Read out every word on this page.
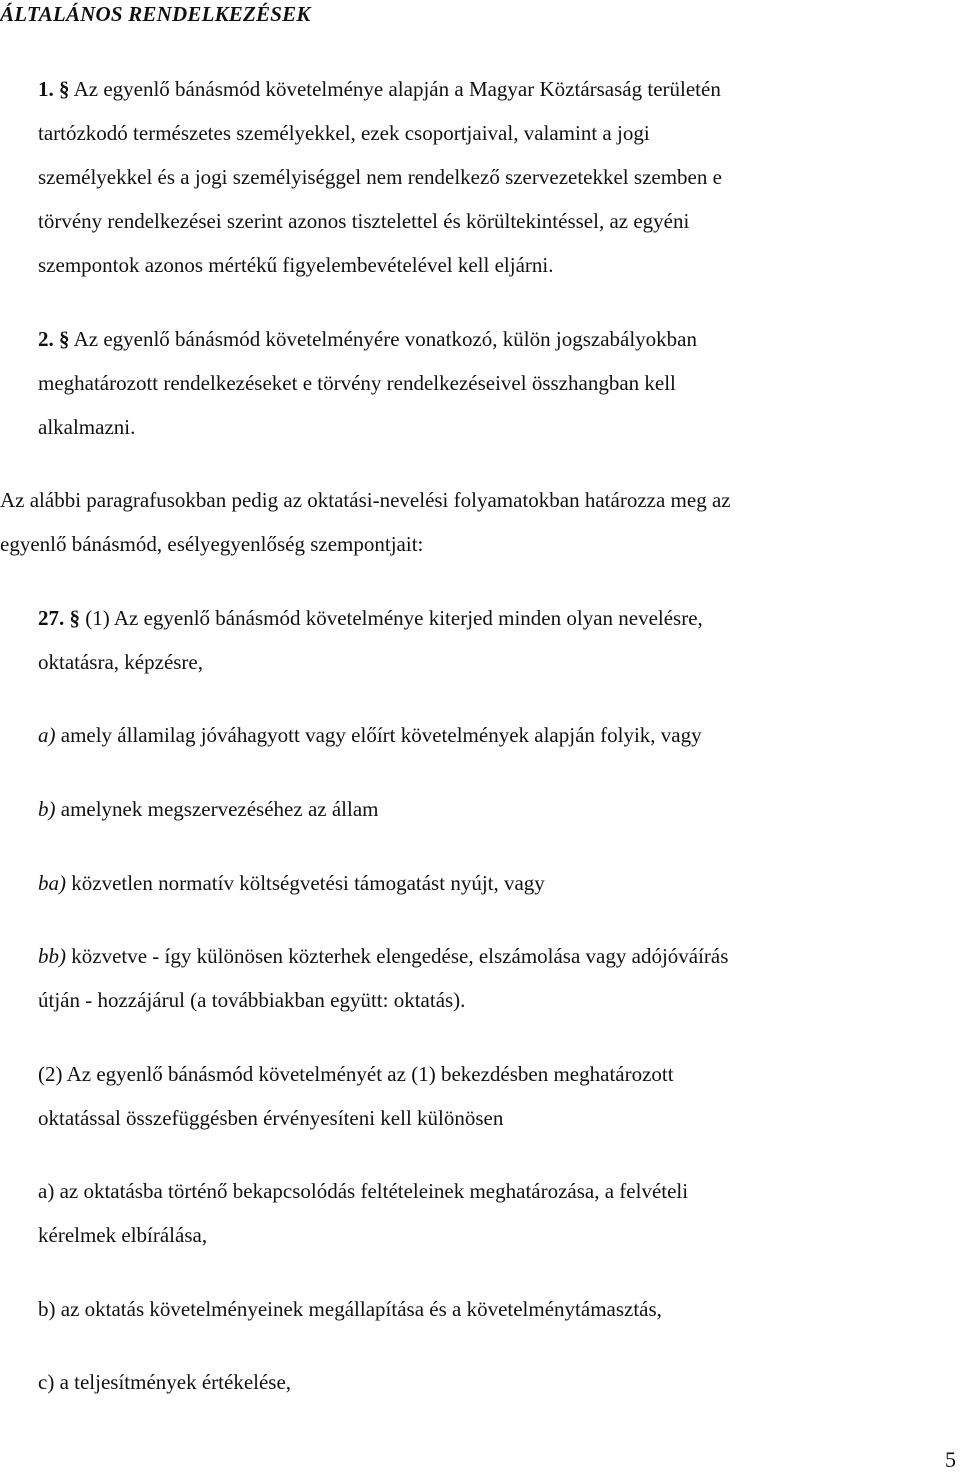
ÁLTALÁNOS RENDELKEZÉSEK
1. § Az egyenlő bánásmód követelménye alapján a Magyar Köztársaság területén
tartózkodó természetes személyekkel, ezek csoportjaival, valamint a jogi
személyekkel és a jogi személyiséggel nem rendelkező szervezetekkel szemben e
törvény rendelkezései szerint azonos tisztelettel és körültekintéssel, az egyéni
szempontok azonos mértékű figyelembevételével kell eljárni.
2. § Az egyenlő bánásmód követelményére vonatkozó, külön jogszabályokban
meghatározott rendelkezéseket e törvény rendelkezéseivel összhangban kell
alkalmazni.
Az alábbi paragrafusokban pedig az oktatási-nevelési folyamatokban határozza meg az
egyenlő bánásmód, esélyegyenlőség szempontjait:
27. § (1) Az egyenlő bánásmód követelménye kiterjed minden olyan nevelésre,
oktatásra, képzésre,
a) amely államilag jóváhagyott vagy előírt követelmények alapján folyik, vagy
b) amelynek megszervezéséhez az állam
ba) közvetlen normatív költségvetési támogatást nyújt, vagy
bb) közvetve - így különösen közterhek elengedése, elszámolása vagy adójóváírás
útján - hozzájárul (a továbbiakban együtt: oktatás).
(2) Az egyenlő bánásmód követelményét az (1) bekezdésben meghatározott
oktatással összefüggésben érvényesíteni kell különösen
a) az oktatásba történő bekapcsolódás feltételeinek meghatározása, a felvételi
kérelmek elbírálása,
b) az oktatás követelményeinek megállapítása és a követelménytámasztás,
c) a teljesítmények értékelése,
5
